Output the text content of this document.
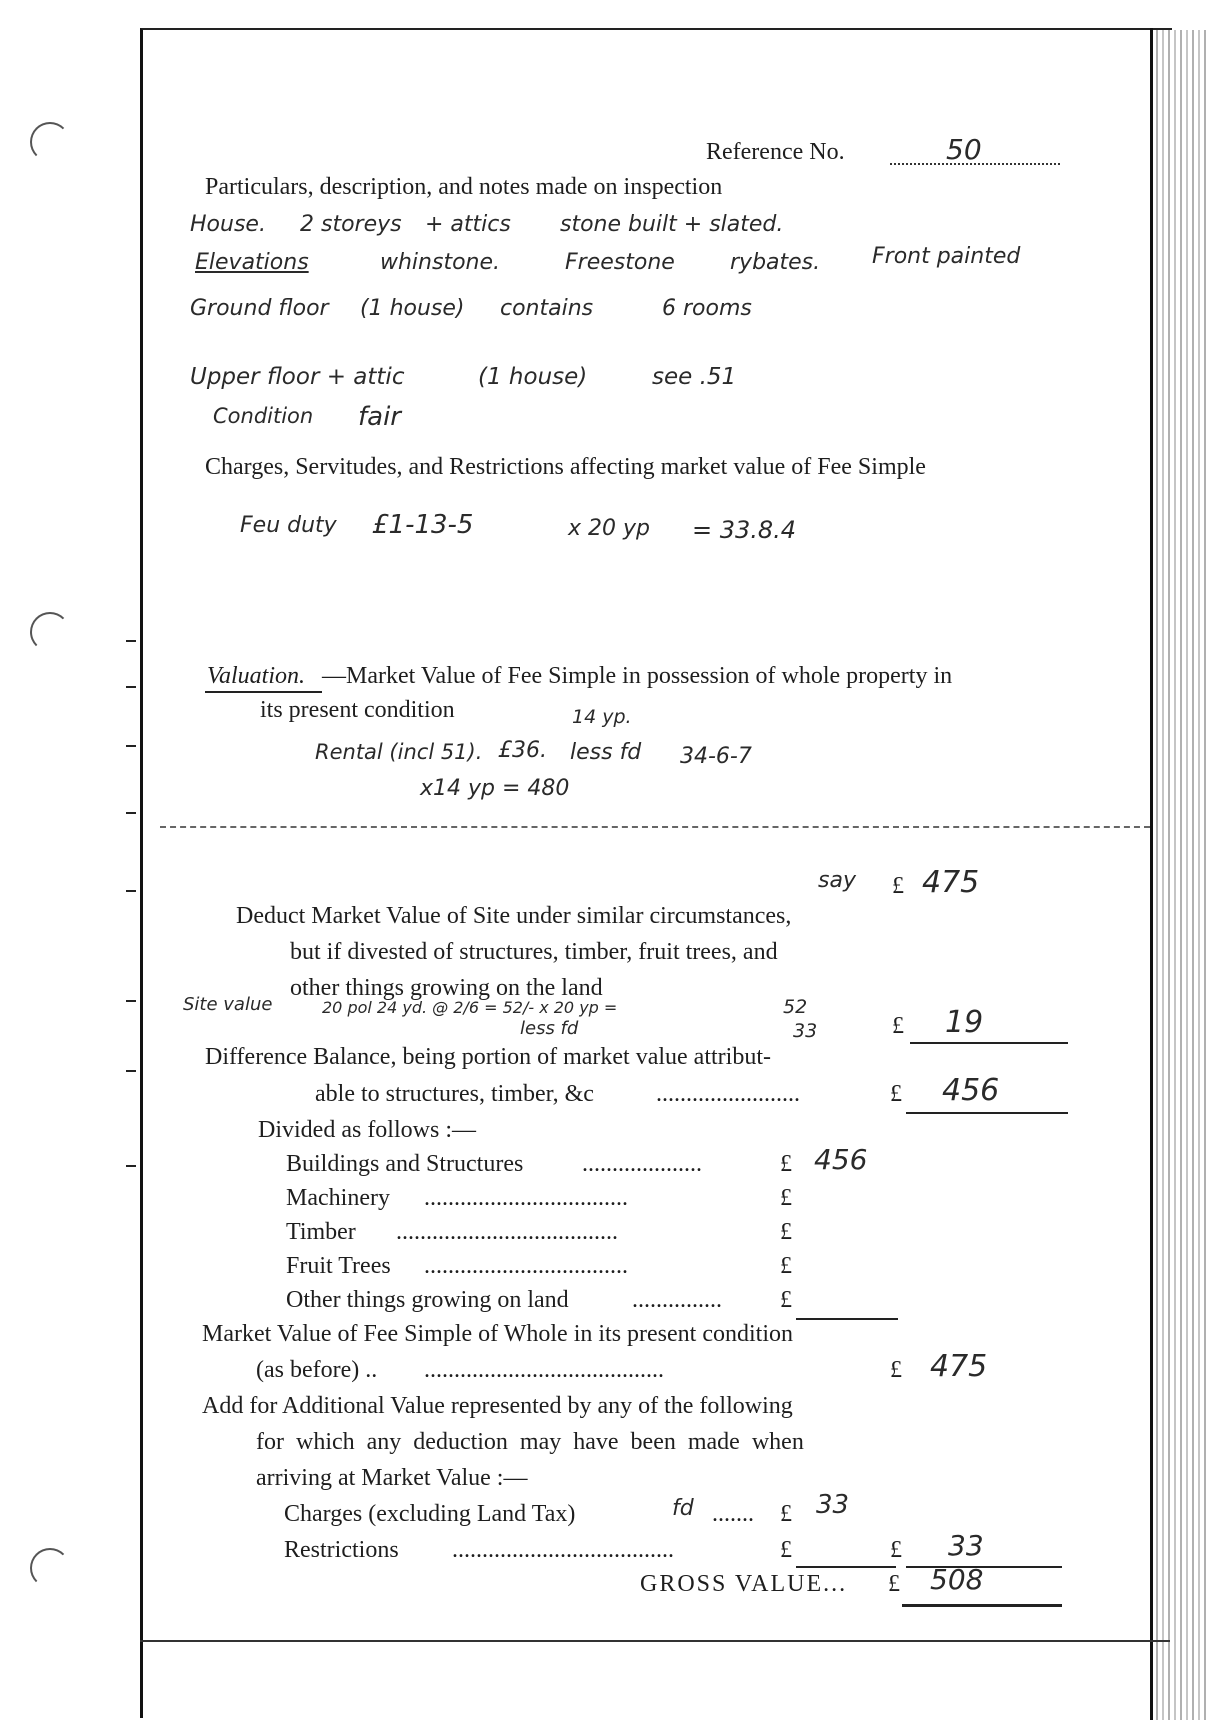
Reference No.	50
Particulars, description, and notes made on inspection
House. 2 storeys + attics stone built + slated.
Elevations	whinstone.	Freestone	rybates. Front painted
Ground floor (1 house) contains	6 rooms
Upper floor + attic	(1 house)	see .51
Condition fair
Charges, Servitudes, and Restrictions affecting market value of Fee Simple
Feu duty £1-13-5	x 20 yp = 33.8.4
Valuation. —Market Value of Fee Simple in possession of whole property in
its present condition	14 yp.
Rental (incl 51). £36. less fd 34-6-7
x14 yp = 480
say £ 475
Deduct Market Value of Site under similar circumstances,
but if divested of structures, timber, fruit trees, and
other things growing on the land
Site value	20 pol 24 yd. @ 2/6 = 52/- x 20 yp =	52
less fd	33	£ 19
Difference Balance, being portion of market value attribut-
able to structures, timber, &c	........................	£ 456
Divided as follows :—
Buildings and Structures ....................	£ 456
Machinery ..................................	£
Timber .....................................	£
Fruit Trees ..................................	£
Other things growing on land	............... £
Market Value of Fee Simple of Whole in its present condition
(as before) .. ........................................	£ 475
Add for Additional Value represented by any of the following
for which any deduction may have been made when
arriving at Market Value :—
Charges (excluding Land Tax)	fd ....... £ 33
Restrictions .....................................	£	£ 33
GROSS VALUE... £ 508
